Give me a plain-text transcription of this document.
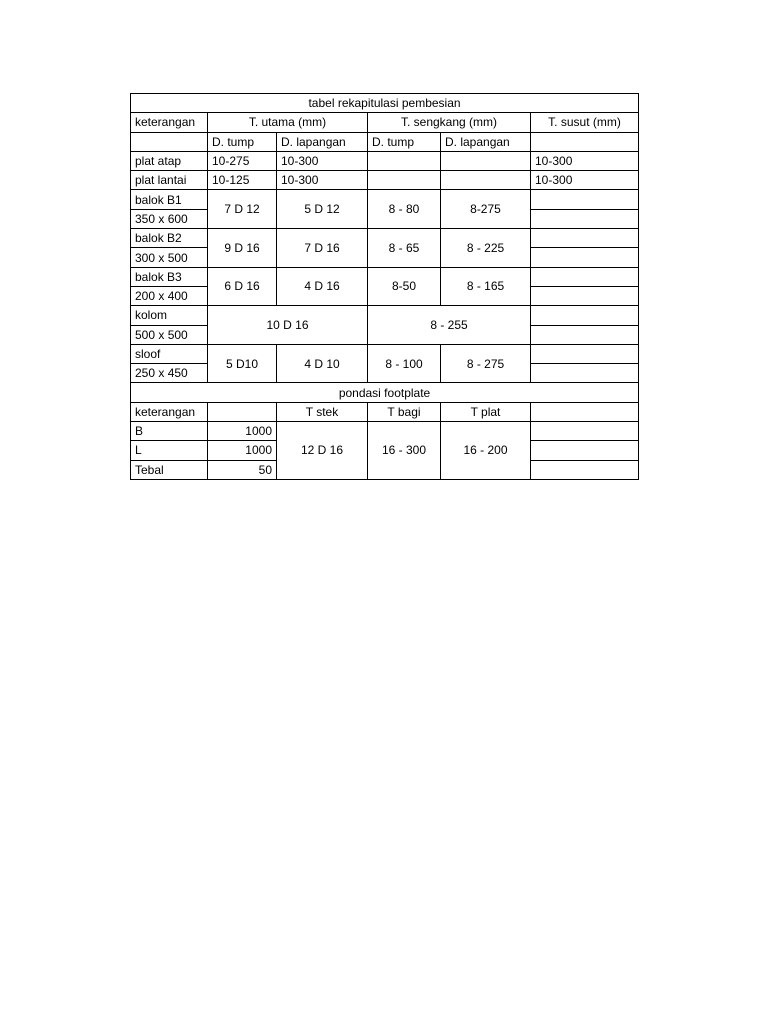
tabel rekapitulasi pembesian					
keterangan	T. utama (mm)		T. sengkang (mm)		T. susut (mm)
	D. tump	D. lapangan	D. tump	D. lapangan	
plat atap	10-275	10-300			10-300
plat lantai	10-125	10-300			10-300
balok B1	7 D 12	5 D 12	8 - 80	8-275	
350 x 600					
balok B2	9 D 16	7 D 16	8 - 65	8 - 225	
300 x 500					
balok B3	6 D 16	4 D 16	8-50	8 - 165	
200 x 400					
kolom	10 D 16		8 - 255		
500 x 500					
sloof	5 D10	4 D 10	8 - 100	8 - 275	
250 x 450					
pondasi footplate					
keterangan		T stek	T bagi	T plat	
B	1000	12 D 16	16 - 300	16 - 200	
L	1000				
Tebal	50				
